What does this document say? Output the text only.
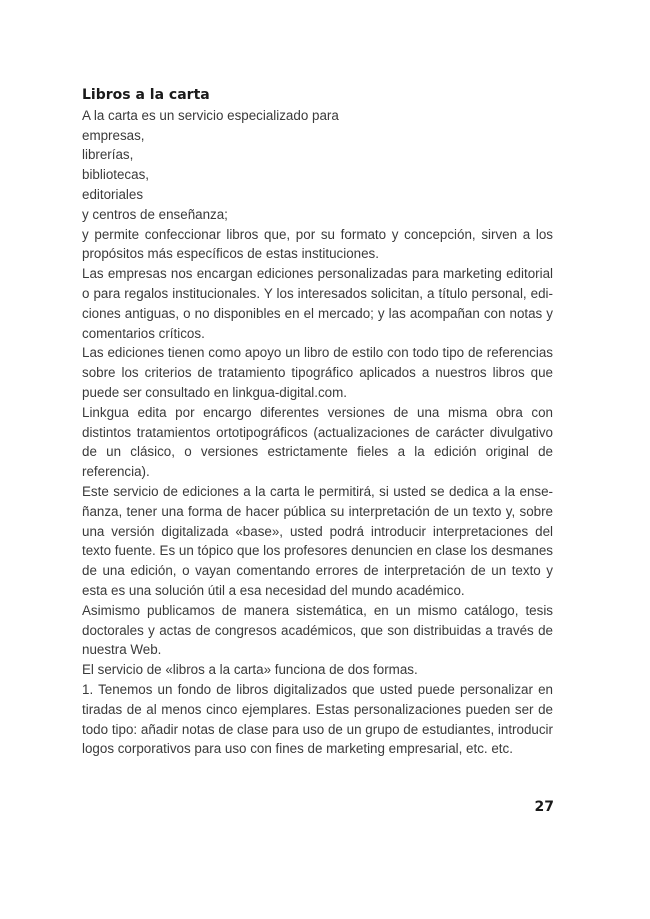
Libros a la carta

A la carta es un servicio especializado para

empresas,

librerías,

bibliotecas,

editoriales

y centros de enseñanza;

y permite confeccionar libros que, por su formato y concepción, sirven a los propósitos más específicos de estas instituciones.

Las empresas nos encargan ediciones personalizadas para marketing editorial o para regalos institucionales. Y los interesados solicitan, a título personal, ediciones antiguas, o no disponibles en el mercado; y las acompañan con notas y comentarios críticos.

Las ediciones tienen como apoyo un libro de estilo con todo tipo de referencias sobre los criterios de tratamiento tipográfico aplicados a nuestros libros que puede ser consultado en linkgua-digital.com.

Linkgua edita por encargo diferentes versiones de una misma obra con distintos tratamientos ortotipográficos (actualizaciones de carácter divulgativo de un clásico, o versiones estrictamente fieles a la edición original de referencia).

Este servicio de ediciones a la carta le permitirá, si usted se dedica a la enseñanza, tener una forma de hacer pública su interpretación de un texto y, sobre una versión digitalizada «base», usted podrá introducir interpretaciones del texto fuente. Es un tópico que los profesores denuncien en clase los desmanes de una edición, o vayan comentando errores de interpretación de un texto y esta es una solución útil a esa necesidad del mundo académico.

Asimismo publicamos de manera sistemática, en un mismo catálogo, tesis doctorales y actas de congresos académicos, que son distribuidas a través de nuestra Web.

El servicio de «libros a la carta» funciona de dos formas.

1. Tenemos un fondo de libros digitalizados que usted puede personalizar en tiradas de al menos cinco ejemplares. Estas personalizaciones pueden ser de todo tipo: añadir notas de clase para uso de un grupo de estudiantes, introducir logos corporativos para uso con fines de marketing empresarial, etc. etc.

27
